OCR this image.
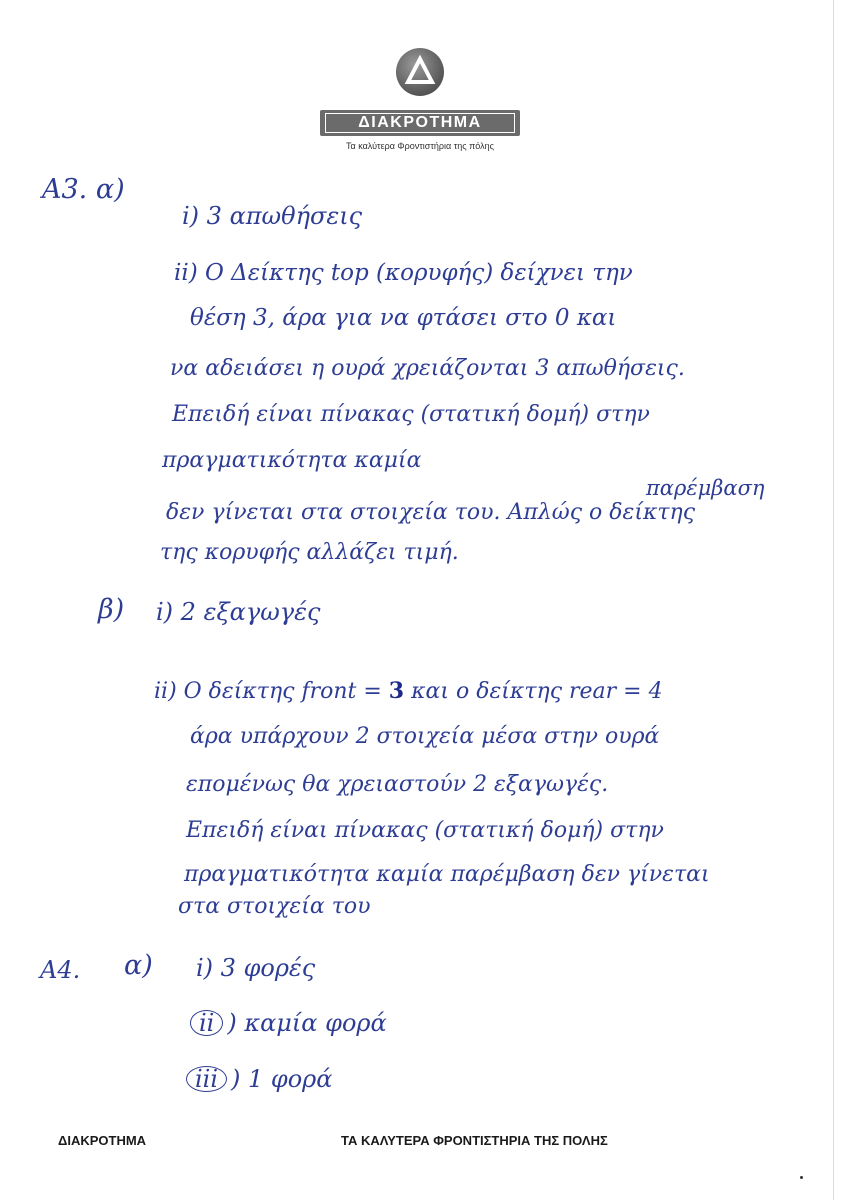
ΔΙΑΚΡΟΤΗΜΑ
Τα καλύτερα Φροντιστήρια της πόλης
Α3. α)
i) 3 απωθήσεις
ii) Ο Δείκτης top (κορυφής) δείχνει την
θέση 3, άρα για να φτάσει στο 0 και
να αδειάσει η ουρά χρειάζονται 3 απωθήσεις.
Επειδή είναι πίνακας (στατική δομή) στην
πραγματικότητα καμία
παρέμβαση
δεν γίνεται στα στοιχεία του. Απλώς ο δείκτης
της κορυφής αλλάζει τιμή.
β) i) 2 εξαγωγές
ii) Ο δείκτης front = 3 και ο δείκτης rear = 4
άρα υπάρχουν 2 στοιχεία μέσα στην ουρά
επομένως θα χρειαστούν 2 εξαγωγές.
Επειδή είναι πίνακας (στατική δομή) στην
πραγματικότητα καμία παρέμβαση δεν γίνεται
στα στοιχεία του
Α4. α) i) 3 φορές
ii ) καμία φορά
iii ) 1 φορά
ΔΙΑΚΡΟΤΗΜΑ	ΤΑ ΚΑΛΥΤΕΡΑ ΦΡΟΝΤΙΣΤΗΡΙΑ ΤΗΣ ΠΟΛΗΣ
